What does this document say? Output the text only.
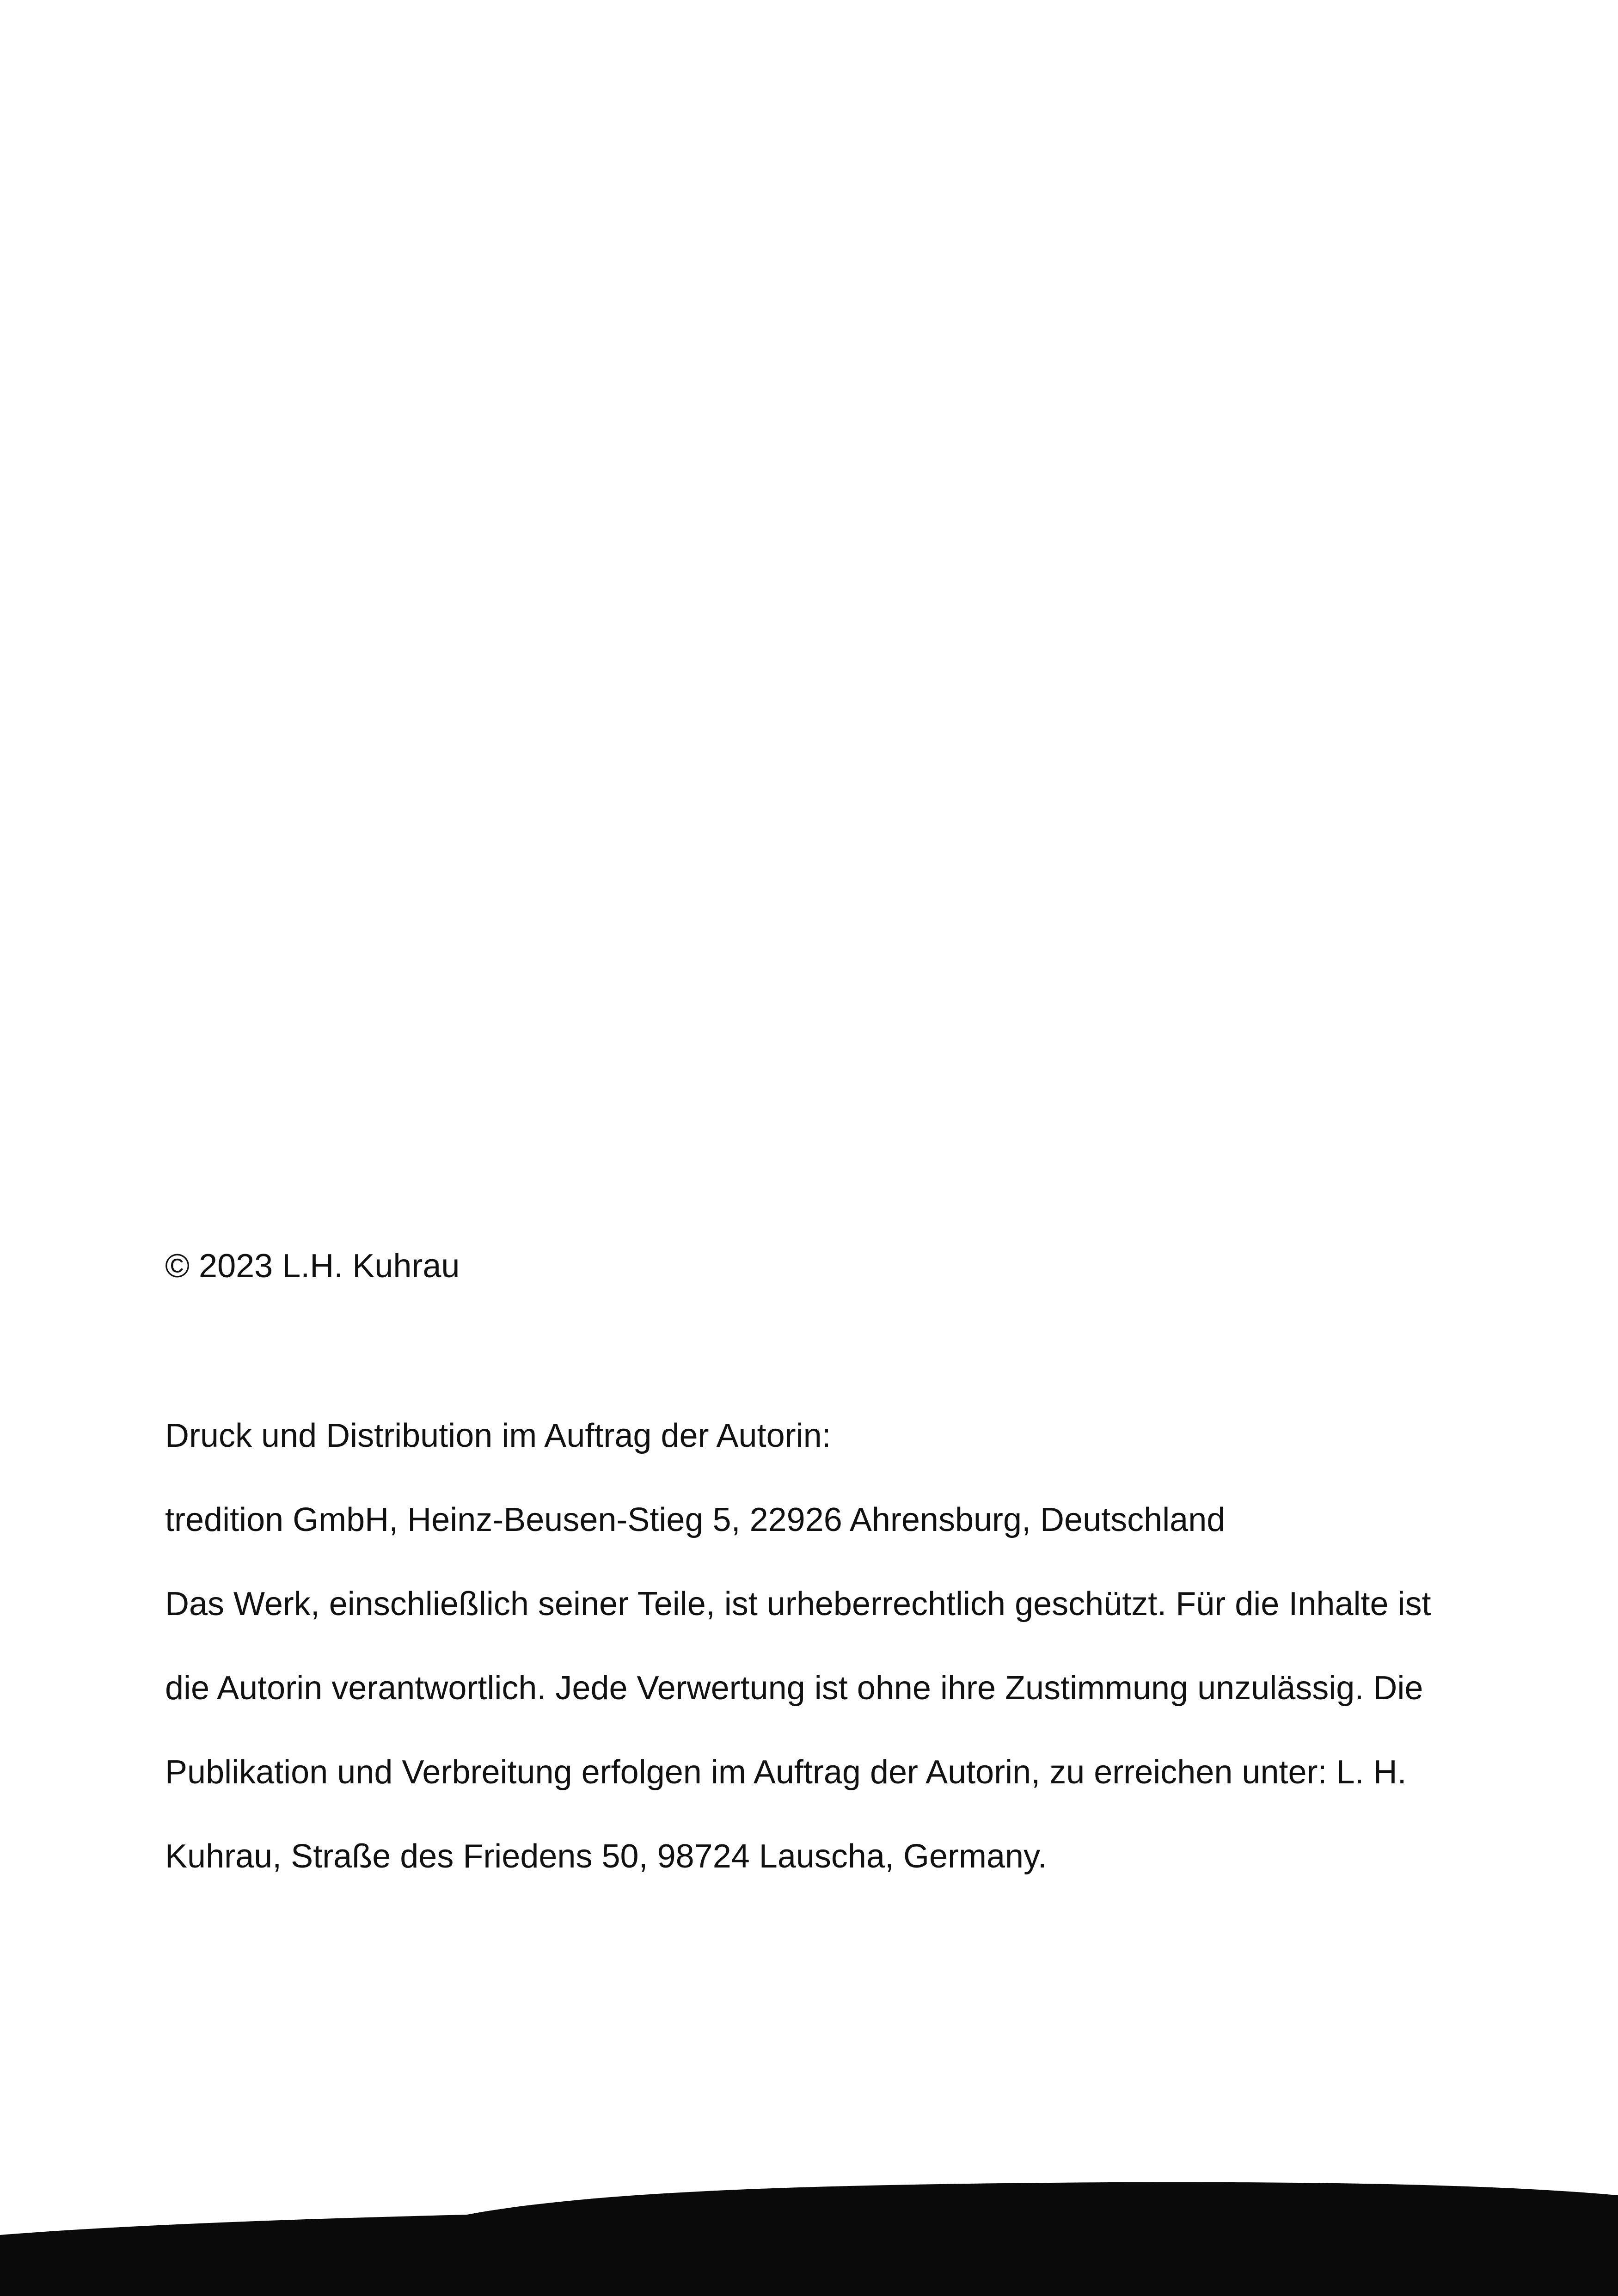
© 2023 L.H. Kuhrau

Druck und Distribution im Auftrag der Autorin:

tredition GmbH, Heinz-Beusen-Stieg 5, 22926 Ahrensburg, Deutschland

Das Werk, einschließlich seiner Teile, ist urheberrechtlich geschützt. Für die Inhalte ist

die Autorin verantwortlich. Jede Verwertung ist ohne ihre Zustimmung unzulässig. Die

Publikation und Verbreitung erfolgen im Auftrag der Autorin, zu erreichen unter: L. H.

Kuhrau, Straße des Friedens 50, 98724 Lauscha, Germany.
